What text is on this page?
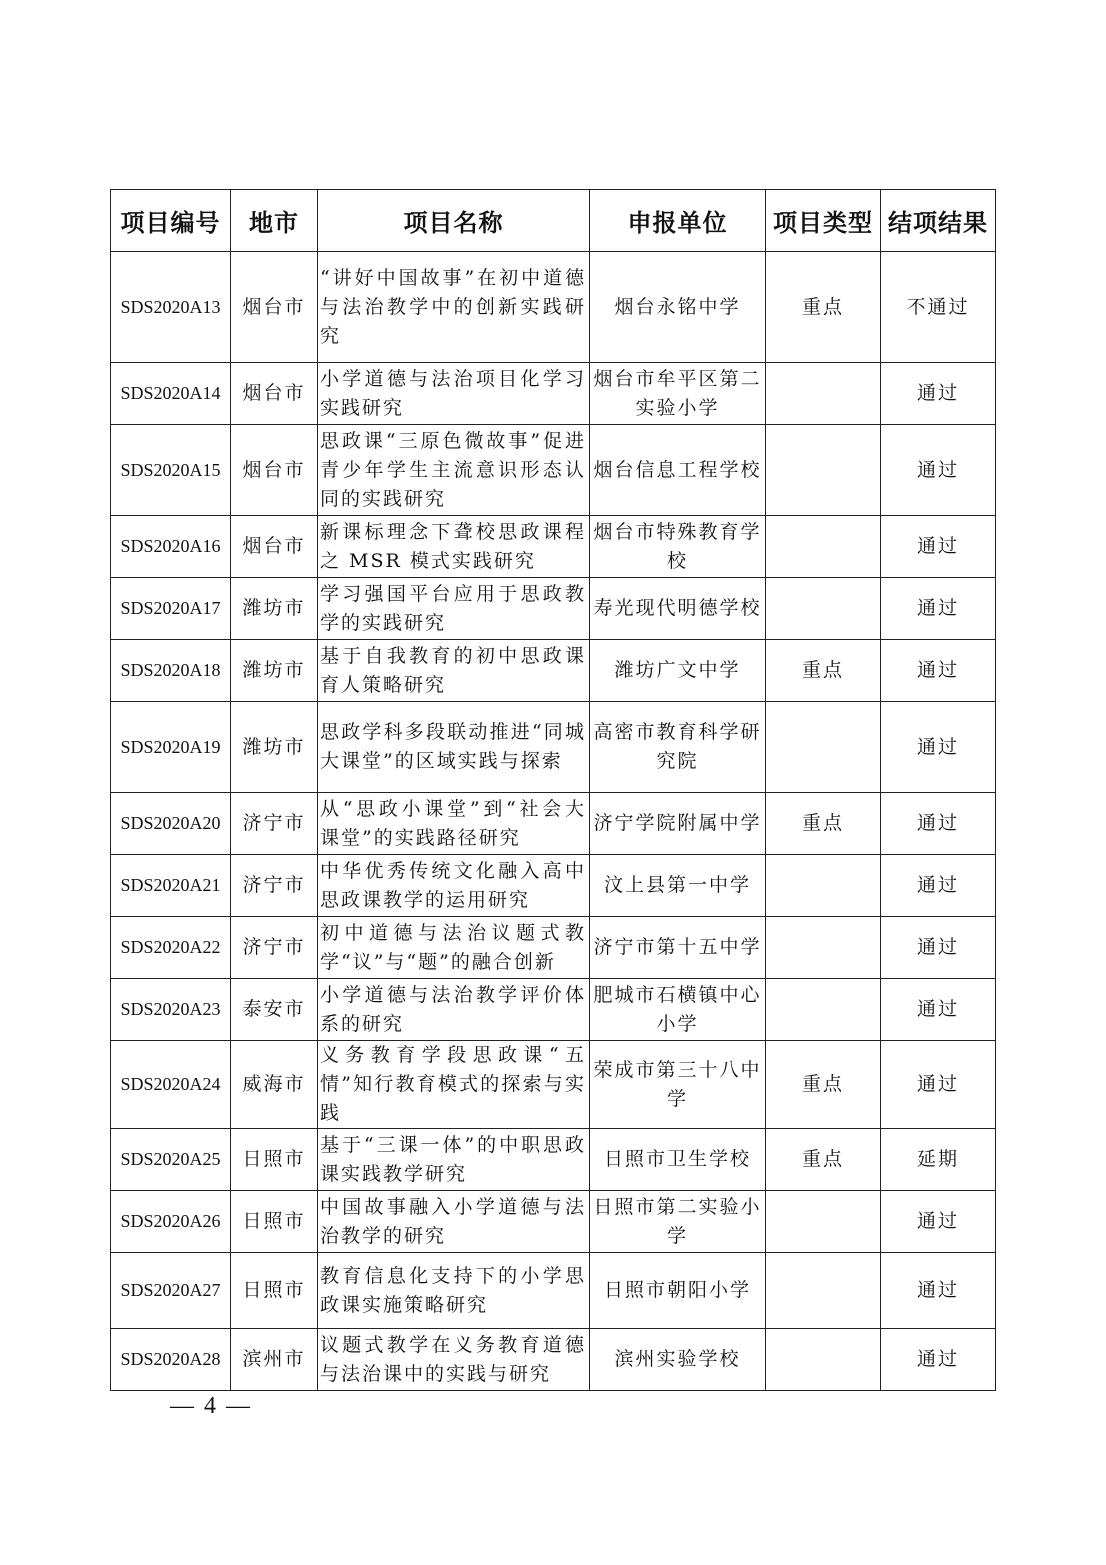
项目编号	地市	项目名称	申报单位	项目类型	结项结果
SDS2020A13	烟台市	“讲好中国故事”在初中道德与法治教学中的创新实践研究	烟台永铭中学	重点	不通过
SDS2020A14	烟台市	小学道德与法治项目化学习实践研究	烟台市牟平区第二实验小学		通过
SDS2020A15	烟台市	思政课“三原色微故事”促进青少年学生主流意识形态认同的实践研究	烟台信息工程学校		通过
SDS2020A16	烟台市	新课标理念下聋校思政课程之 MSR 模式实践研究	烟台市特殊教育学校		通过
SDS2020A17	潍坊市	学习强国平台应用于思政教学的实践研究	寿光现代明德学校		通过
SDS2020A18	潍坊市	基于自我教育的初中思政课育人策略研究	潍坊广文中学	重点	通过
SDS2020A19	潍坊市	思政学科多段联动推进“同城大课堂”的区域实践与探索	高密市教育科学研究院		通过
SDS2020A20	济宁市	从“思政小课堂”到“社会大课堂”的实践路径研究	济宁学院附属中学	重点	通过
SDS2020A21	济宁市	中华优秀传统文化融入高中思政课教学的运用研究	汶上县第一中学		通过
SDS2020A22	济宁市	初中道德与法治议题式教学“议”与“题”的融合创新	济宁市第十五中学		通过
SDS2020A23	泰安市	小学道德与法治教学评价体系的研究	肥城市石横镇中心小学		通过
SDS2020A24	威海市	义务教育学段思政课“五情”知行教育模式的探索与实践	荣成市第三十八中学	重点	通过
SDS2020A25	日照市	基于“三课一体”的中职思政课实践教学研究	日照市卫生学校	重点	延期
SDS2020A26	日照市	中国故事融入小学道德与法治教学的研究	日照市第二实验小学		通过
SDS2020A27	日照市	教育信息化支持下的小学思政课实施策略研究	日照市朝阳小学		通过
SDS2020A28	滨州市	议题式教学在义务教育道德与法治课中的实践与研究	滨州实验学校		通过
— 4 —
